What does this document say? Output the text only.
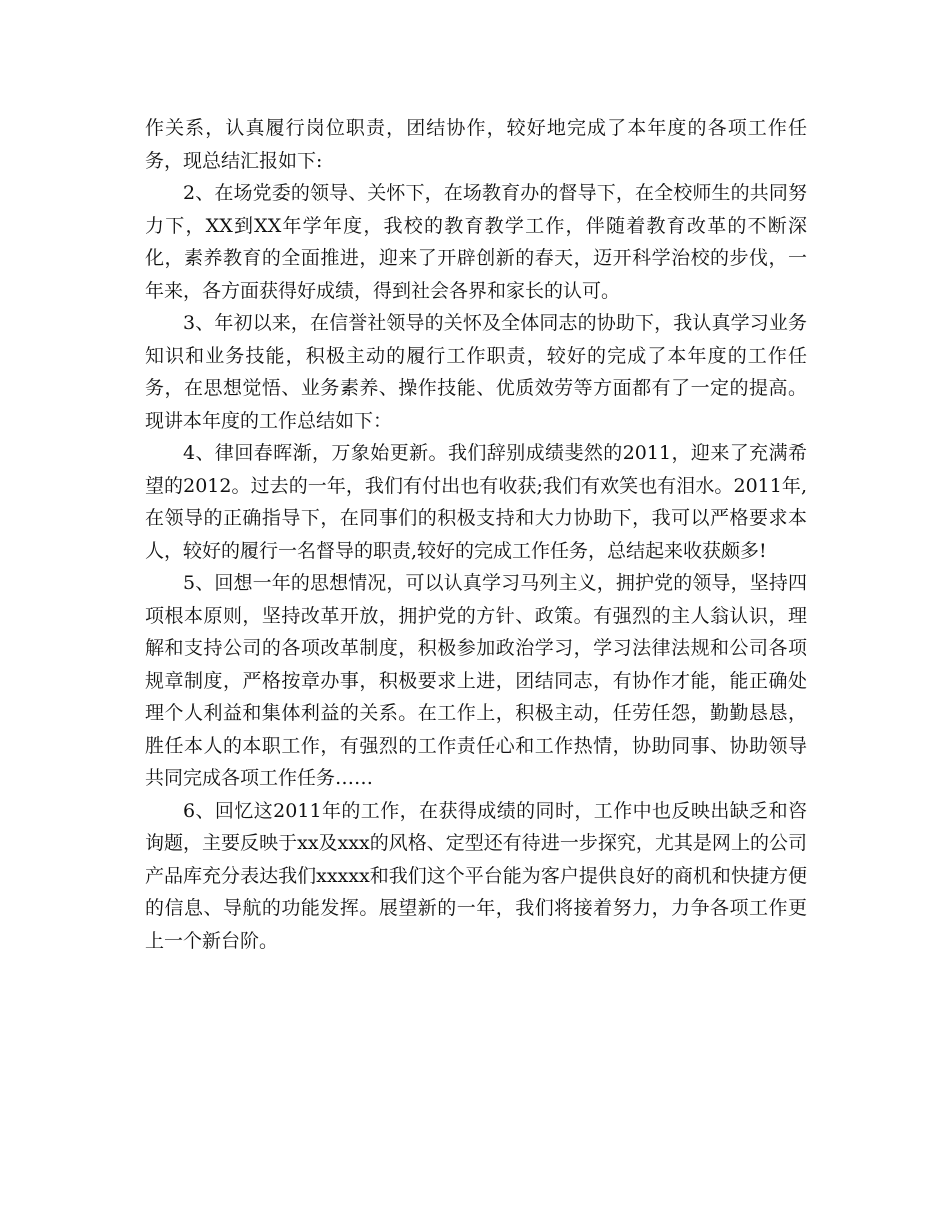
作关系，认真履行岗位职责，团结协作，较好地完成了本年度的各项工作任务，现总结汇报如下:

2、在场党委的领导、关怀下，在场教育办的督导下，在全校师生的共同努力下，XX到XX年学年度，我校的教育教学工作，伴随着教育改革的不断深化，素养教育的全面推进，迎来了开辟创新的春天，迈开科学治校的步伐，一年来，各方面获得好成绩，得到社会各界和家长的认可。

3、年初以来，在信誉社领导的关怀及全体同志的协助下，我认真学习业务知识和业务技能，积极主动的履行工作职责，较好的完成了本年度的工作任务，在思想觉悟、业务素养、操作技能、优质效劳等方面都有了一定的提高。现讲本年度的工作总结如下：

4、律回春晖渐，万象始更新。我们辞别成绩斐然的2011，迎来了充满希望的2012。过去的一年，我们有付出也有收获;我们有欢笑也有泪水。2011年,在领导的正确指导下，在同事们的积极支持和大力协助下，我可以严格要求本人，较好的履行一名督导的职责,较好的完成工作任务，总结起来收获颇多!

5、回想一年的思想情况，可以认真学习马列主义，拥护党的领导，坚持四项根本原则，坚持改革开放，拥护党的方针、政策。有强烈的主人翁认识，理解和支持公司的各项改革制度，积极参加政治学习，学习法律法规和公司各项规章制度，严格按章办事，积极要求上进，团结同志，有协作才能，能正确处理个人利益和集体利益的关系。在工作上，积极主动，任劳任怨，勤勤恳恳，胜任本人的本职工作，有强烈的工作责任心和工作热情，协助同事、协助领导共同完成各项工作任务……

6、回忆这2011年的工作，在获得成绩的同时，工作中也反映出缺乏和咨询题，主要反映于xx及xxx的风格、定型还有待进一步探究，尤其是网上的公司产品库充分表达我们xxxxx和我们这个平台能为客户提供良好的商机和快捷方便的信息、导航的功能发挥。展望新的一年，我们将接着努力，力争各项工作更上一个新台阶。
